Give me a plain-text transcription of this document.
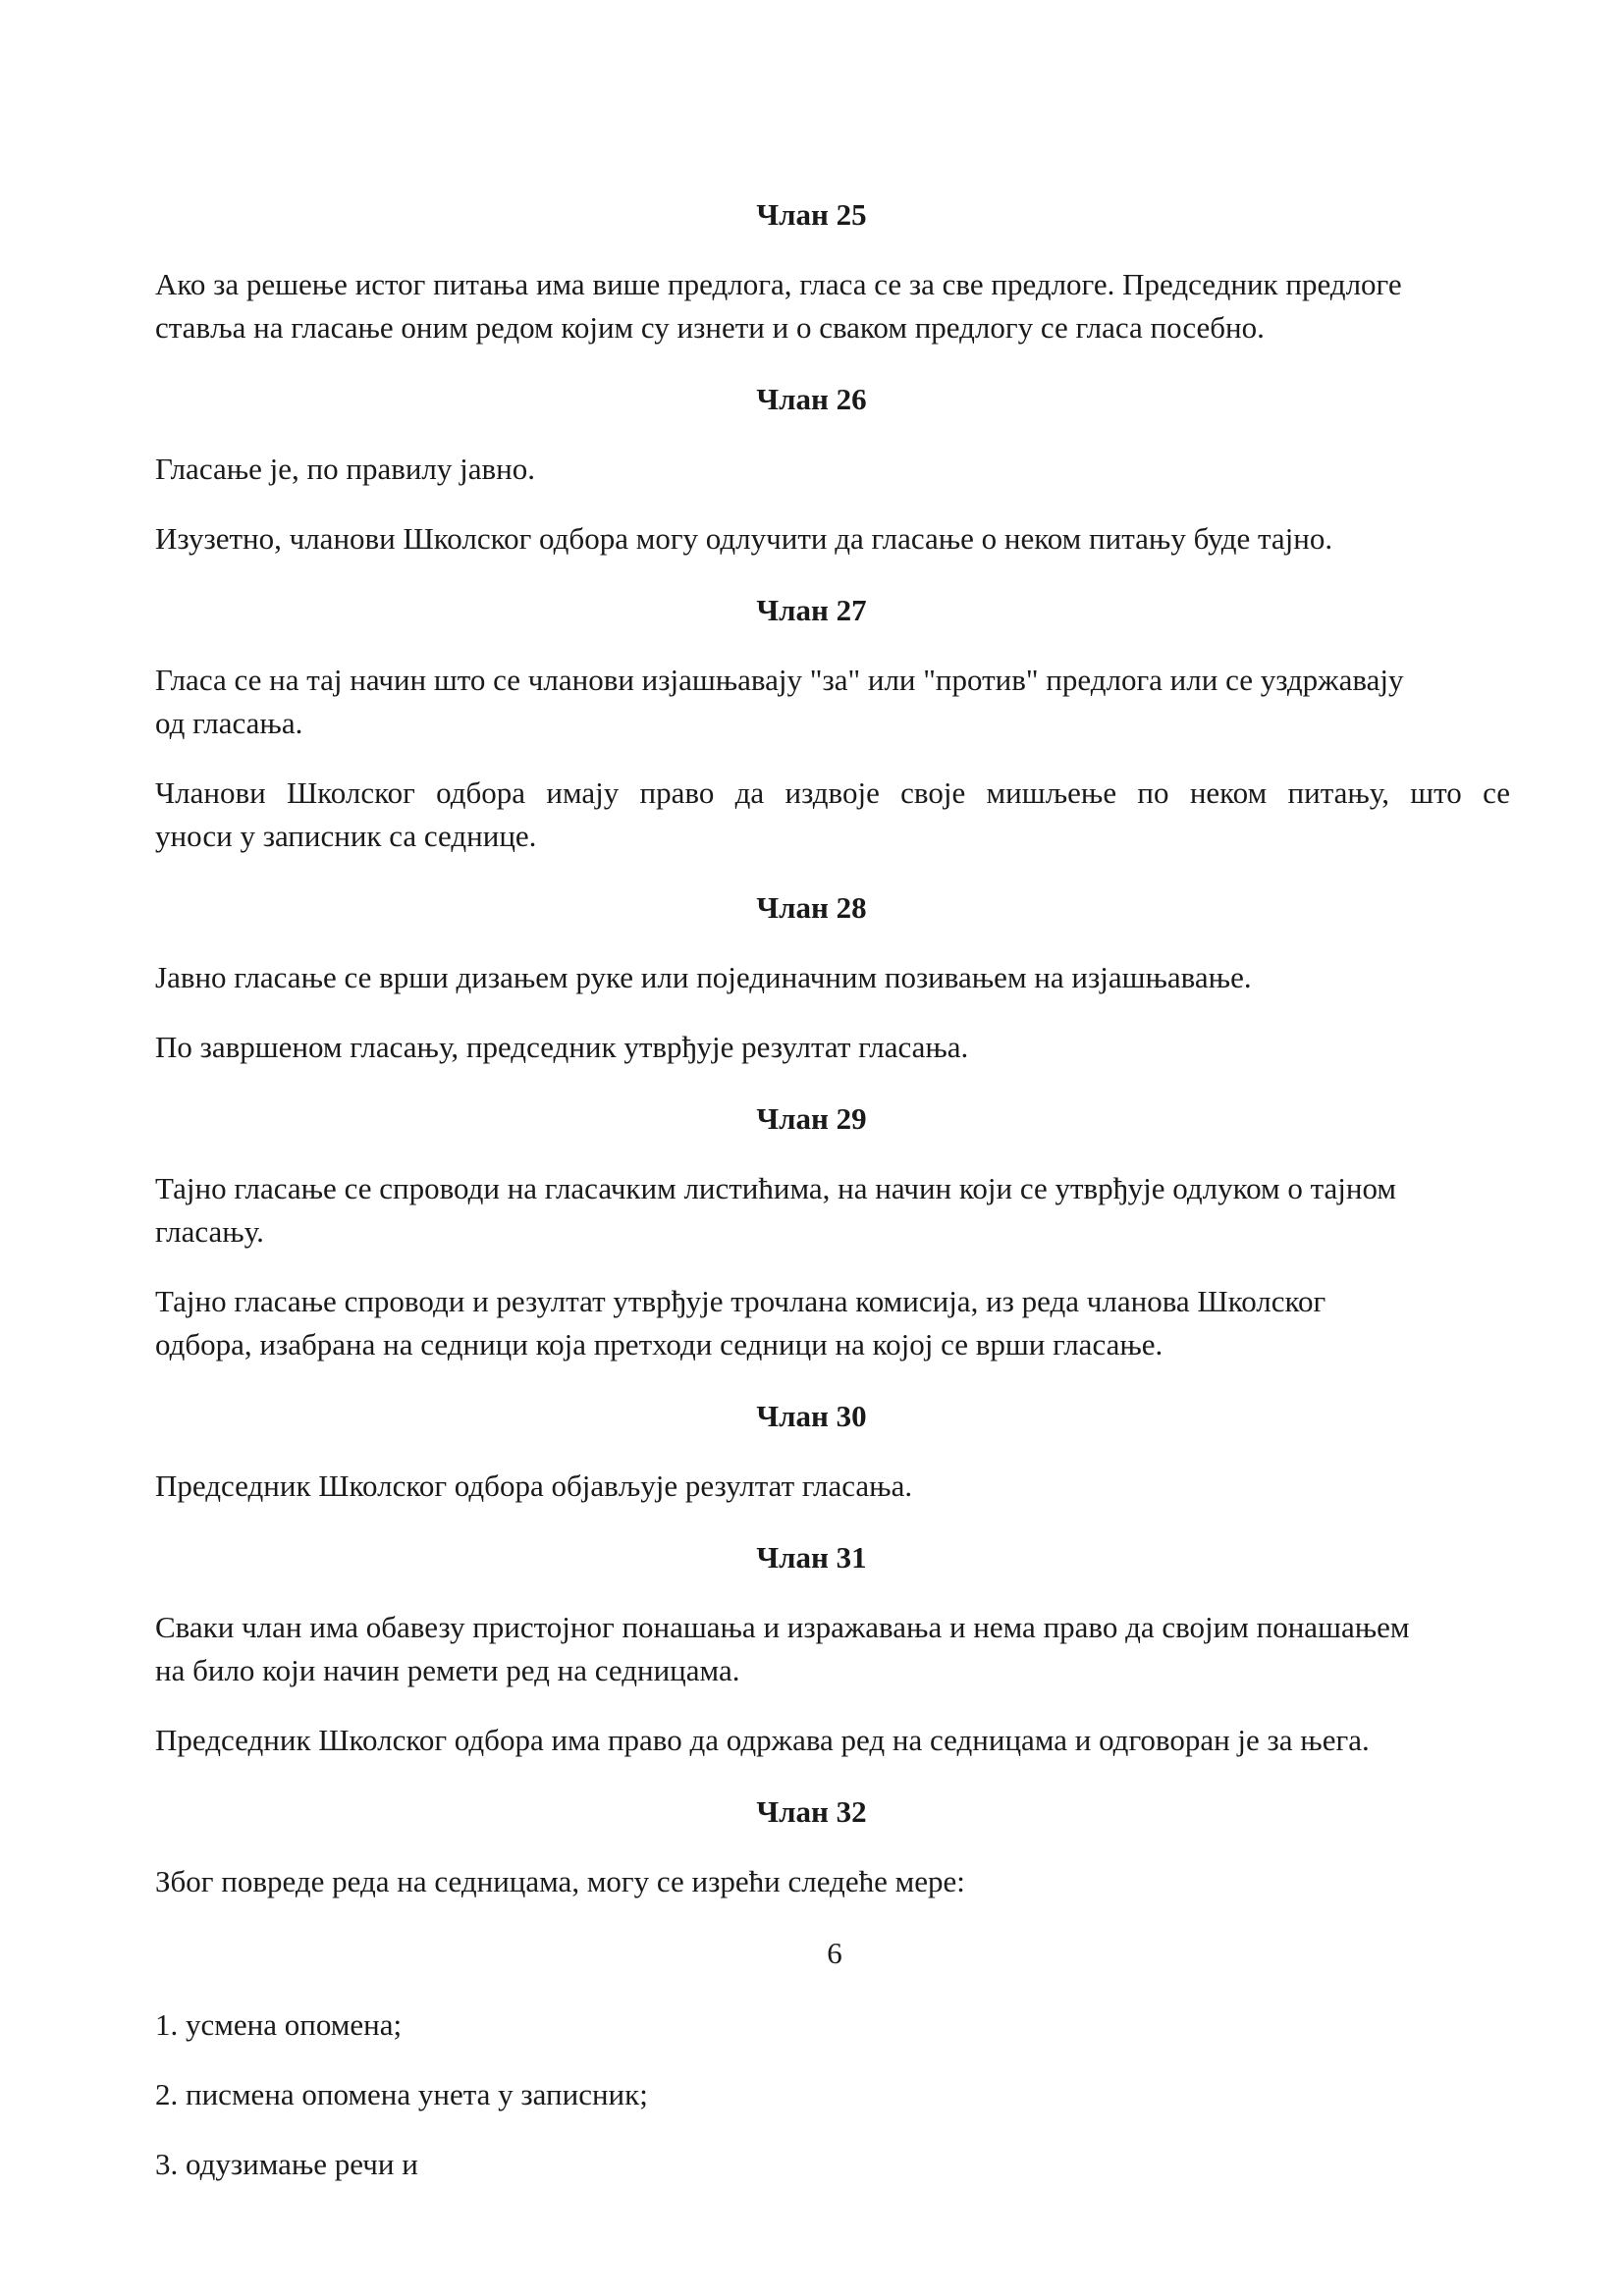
Члан 25
Ако за решење истог питања има више предлога, гласа се за све предлоге. Председник предлоге
ставља на гласање оним редом којим су изнети и о сваком предлогу се гласа посебно.
Члан 26
Гласање је, по правилу јавно.
Изузетно, чланови Школског одбора могу одлучити да гласање о неком питању буде тајно.
Члан 27
Гласа се на тај начин што се чланови изјашњавају "за" или "против" предлога или се уздржавају
од гласања.
Чланови Школског одбора имају право да издвоје своје мишљење по неком питању, што се
уноси у записник са седнице.
Члан 28
Јавно гласање се врши дизањем руке или појединачним позивањем на изјашњавање.
По завршеном гласању, председник утврђује резултат гласања.
Члан 29
Тајно гласање се спроводи на гласачким листићима, на начин који се утврђује одлуком о тајном
гласању.
Тајно гласање спроводи и резултат утврђује трочлана комисија, из реда чланова Школског
одбора, изабрана на седници која претходи седници на којој се врши гласање.
Члан 30
Председник Школског одбора објављује резултат гласања.
Члан 31
Сваки члан има обавезу пристојног понашања и изражавања и нема право да својим понашањем
на било који начин ремети ред на седницама.
Председник Школског одбора има право да одржава ред на седницама и одговоран је за њега.
Члан 32
Због повреде реда на седницама, могу се изрећи следеће мере:
6
1. усмена опомена;
2. писмена опомена унета у записник;
3. одузимање речи и
